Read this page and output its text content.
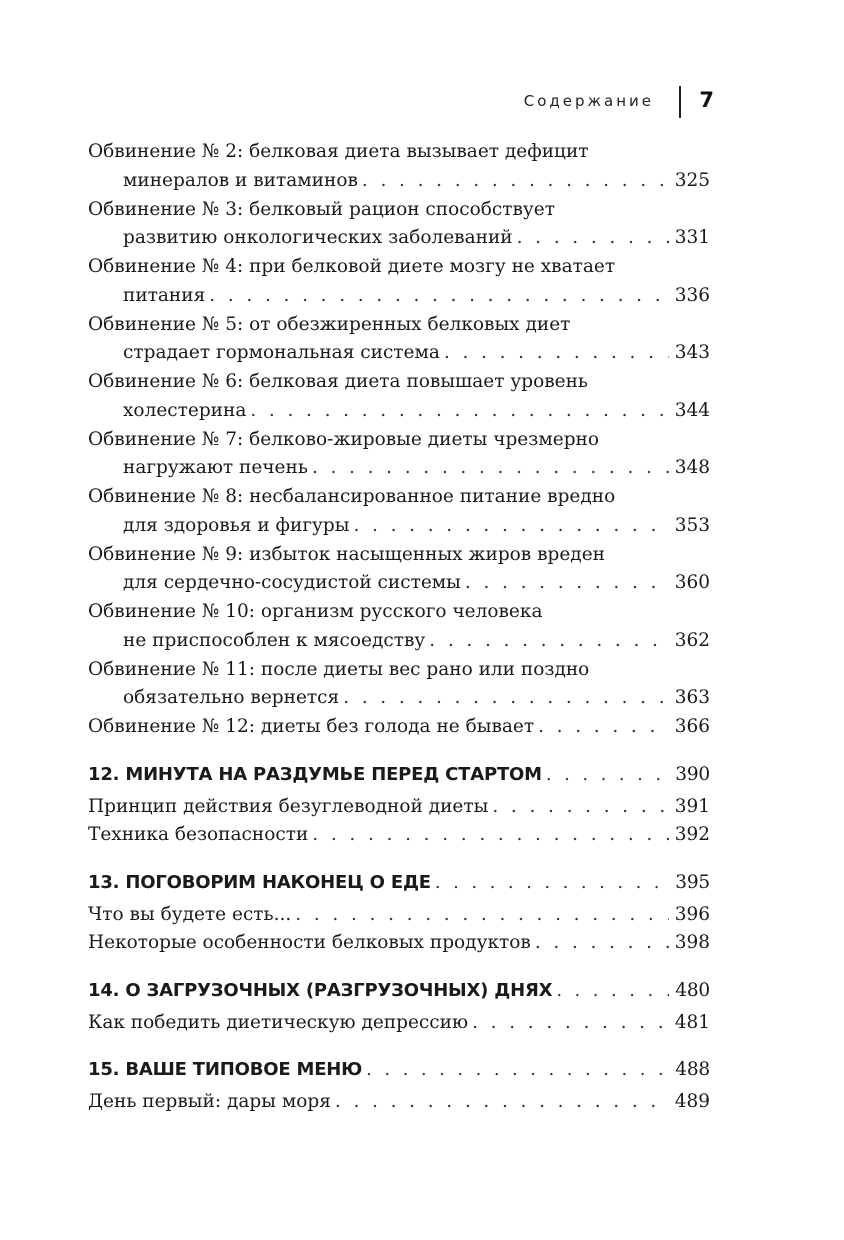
Содержание 7
Обвинение № 2: белковая диета вызывает дефицит
минералов и витаминов . . .	325
Обвинение № 3: белковый рацион способствует
развитию онкологических заболеваний . . .	331
Обвинение № 4: при белковой диете мозгу не хватает
питания . . .	336
Обвинение № 5: от обезжиренных белковых диет
страдает гормональная система . . .	343
Обвинение № 6: белковая диета повышает уровень
холестерина . . .	344
Обвинение № 7: белково-жировые диеты чрезмерно
нагружают печень . . .	348
Обвинение № 8: несбалансированное питание вредно
для здоровья и фигуры . . .	353
Обвинение № 9: избыток насыщенных жиров вреден
для сердечно-сосудистой системы . . .	360
Обвинение № 10: организм русского человека
не приспособлен к мясоедству . . .	362
Обвинение № 11: после диеты вес рано или поздно
обязательно вернется . . .	363
Обвинение № 12: диеты без голода не бывает . . .	366
12. МИНУТА НА РАЗДУМЬЕ ПЕРЕД СТАРТОМ . . .	390
Принцип действия безуглеводной диеты . . .	391
Техника безопасности . . .	392
13. ПОГОВОРИМ НАКОНЕЦ О ЕДЕ . . .	395
Что вы будете есть... . . .	396
Некоторые особенности белковых продуктов . . .	398
14. О ЗАГРУЗОЧНЫХ (РАЗГРУЗОЧНЫХ) ДНЯХ . . .	480
Как победить диетическую депрессию . . .	481
15. ВАШЕ ТИПОВОЕ МЕНЮ . . .	488
День первый: дары моря . . .	489
